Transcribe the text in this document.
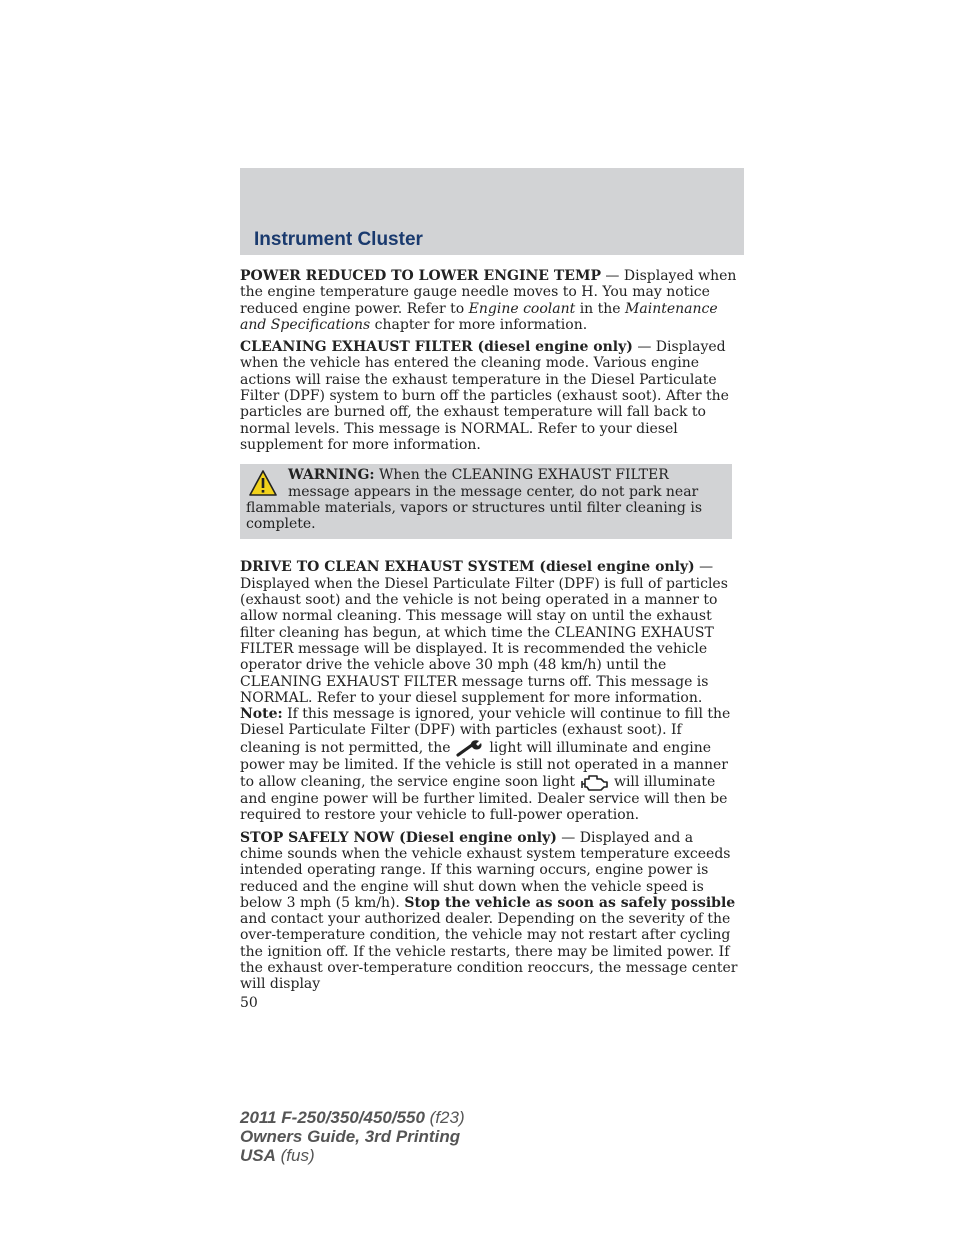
Instrument Cluster

POWER REDUCED TO LOWER ENGINE TEMP — Displayed when the engine temperature gauge needle moves to H. You may notice reduced engine power. Refer to Engine coolant in the Maintenance and Specifications chapter for more information.

CLEANING EXHAUST FILTER (diesel engine only) — Displayed when the vehicle has entered the cleaning mode. Various engine actions will raise the exhaust temperature in the Diesel Particulate Filter (DPF) system to burn off the particles (exhaust soot). After the particles are burned off, the exhaust temperature will fall back to normal levels. This message is NORMAL. Refer to your diesel supplement for more information.

WARNING: When the CLEANING EXHAUST FILTER message appears in the message center, do not park near flammable materials, vapors or structures until filter cleaning is complete.

DRIVE TO CLEAN EXHAUST SYSTEM (diesel engine only) — Displayed when the Diesel Particulate Filter (DPF) is full of particles (exhaust soot) and the vehicle is not being operated in a manner to allow normal cleaning. This message will stay on until the exhaust filter cleaning has begun, at which time the CLEANING EXHAUST FILTER message will be displayed. It is recommended the vehicle operator drive the vehicle above 30 mph (48 km/h) until the CLEANING EXHAUST FILTER message turns off. This message is NORMAL. Refer to your diesel supplement for more information.

Note: If this message is ignored, your vehicle will continue to fill the Diesel Particulate Filter (DPF) with particles (exhaust soot). If cleaning is not permitted, the  light will illuminate and engine power may be limited. If the vehicle is still not operated in a manner to allow cleaning, the service engine soon light  will illuminate and engine power will be further limited. Dealer service will then be required to restore your vehicle to full-power operation.

STOP SAFELY NOW (Diesel engine only) — Displayed and a chime sounds when the vehicle exhaust system temperature exceeds intended operating range. If this warning occurs, engine power is reduced and the engine will shut down when the vehicle speed is below 3 mph (5 km/h). Stop the vehicle as soon as safely possible and contact your authorized dealer. Depending on the severity of the over-temperature condition, the vehicle may not restart after cycling the ignition off. If the vehicle restarts, there may be limited power. If the exhaust over-temperature condition reoccurs, the message center will display

50
2011 F-250/350/450/550 (f23)
Owners Guide, 3rd Printing
USA (fus)
